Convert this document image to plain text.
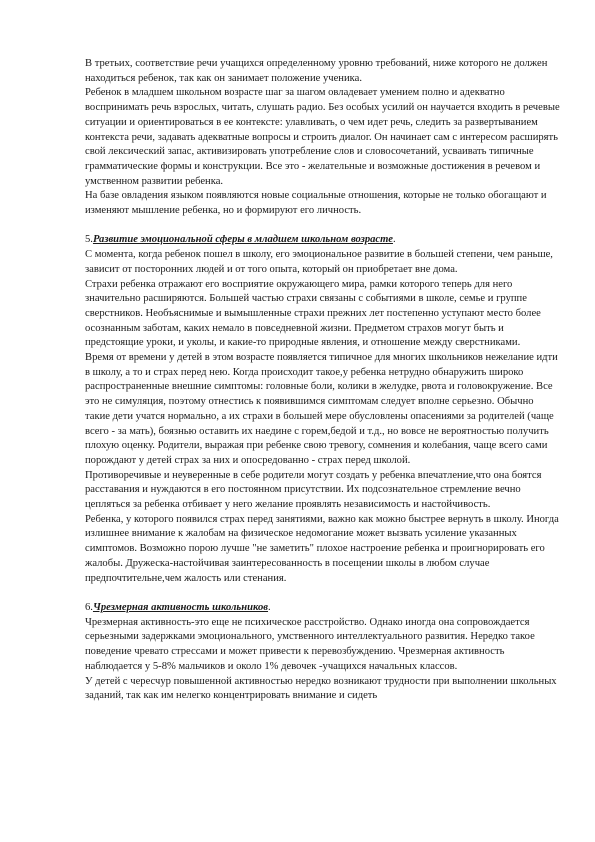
В третьих, соответствие речи учащихся определенному уровню требований, ниже которого не должен находиться ребенок, так как он занимает положение ученика.

Ребенок в младшем школьном возрасте шаг за шагом овладевает умением полно и адекватно воспринимать речь взрослых, читать, слушать радио. Без особых усилий он научается входить в речевые ситуации и ориентироваться в ее контексте: улавливать, о чем идет речь, следить за развертыванием контекста речи, задавать адекватные вопросы и строить диалог. Он начинает сам с интересом расширять свой лексический запас, активизировать употребление слов и словосочетаний, усваивать типичные грамматические формы и конструкции. Все это - желательные и возможные достижения в речевом и умственном развитии ребенка.

На базе овладения языком появляются новые социальные отношения, которые не только обогащают и изменяют мышление ребенка, но и формируют его личность.

5.Развитие эмоциональной сферы в младшем школьном возрасте.

С момента, когда ребенок пошел в школу, его эмоциональное развитие в большей степени, чем раньше, зависит от посторонних людей и от того опыта, который он приобретает вне дома.

Страхи ребенка отражают его восприятие окружающего мира, рамки которого теперь для него значительно расширяются. Большей частью страхи связаны с событиями в школе, семье и группе сверстников. Необъяснимые и вымышленные страхи прежних лет постепенно уступают место более осознанным заботам, каких немало в повседневной жизни. Предметом страхов могут быть и предстоящие уроки, и уколы, и какие-то природные явления, и отношение между сверстниками.

Время от времени у детей в этом возрасте появляется типичное для многих школьников нежелание идти в школу, а то и страх перед нею. Когда происходит такое,у ребенка нетрудно обнаружить широко распространенные внешние симптомы: головные боли, колики в желудке, рвота и головокружение. Все это не симуляция, поэтому отнестись к появившимся симптомам следует вполне серьезно. Обычно такие дети учатся нормально, а их страхи в большей мере обусловлены опасениями за родителей (чаще всего - за мать), боязнью оставить их наедине с горем,бедой и т.д., но вовсе не вероятностью получить плохую оценку. Родители, выражая при ребенке свою тревогу, сомнения и колебания, чаще всего сами порождают у детей страх за них и опосредованно - страх перед школой.

Противоречивые и неуверенные в себе родители могут создать у ребенка впечатление,что она боятся расставания и нуждаются в его постоянном присутствии. Их подсознательное стремление вечно цепляться за ребенка отбивает у него желание проявлять независимость и настойчивость.

Ребенка, у которого появился страх перед занятиями, важно как можно быстрее вернуть в школу. Иногда излишнее внимание к жалобам на физическое недомогание может вызвать усиление указанных симптомов. Возможно порою лучше "не заметить" плохое настроение ребенка и проигнорировать его жалобы. Дружеска-настойчивая заинтересованность в посещении школы в любом случае предпочтительне,чем жалость или стенания.

6.Чрезмерная активность школьников.

Чрезмерная активность-это еще не психическое расстройство. Однако иногда она сопровождается серьезными задержками эмоционального, умственного интеллектуального развития. Нередко такое поведение чревато стрессами и может привести к перевозбуждению. Чрезмерная активность наблюдается у 5-8% мальчиков и около 1% девочек -учащихся начальных классов.

У детей с чересчур повышенной активностью нередко возникают трудности при выполнении школьных заданий, так как им нелегко концентрировать внимание и сидеть
